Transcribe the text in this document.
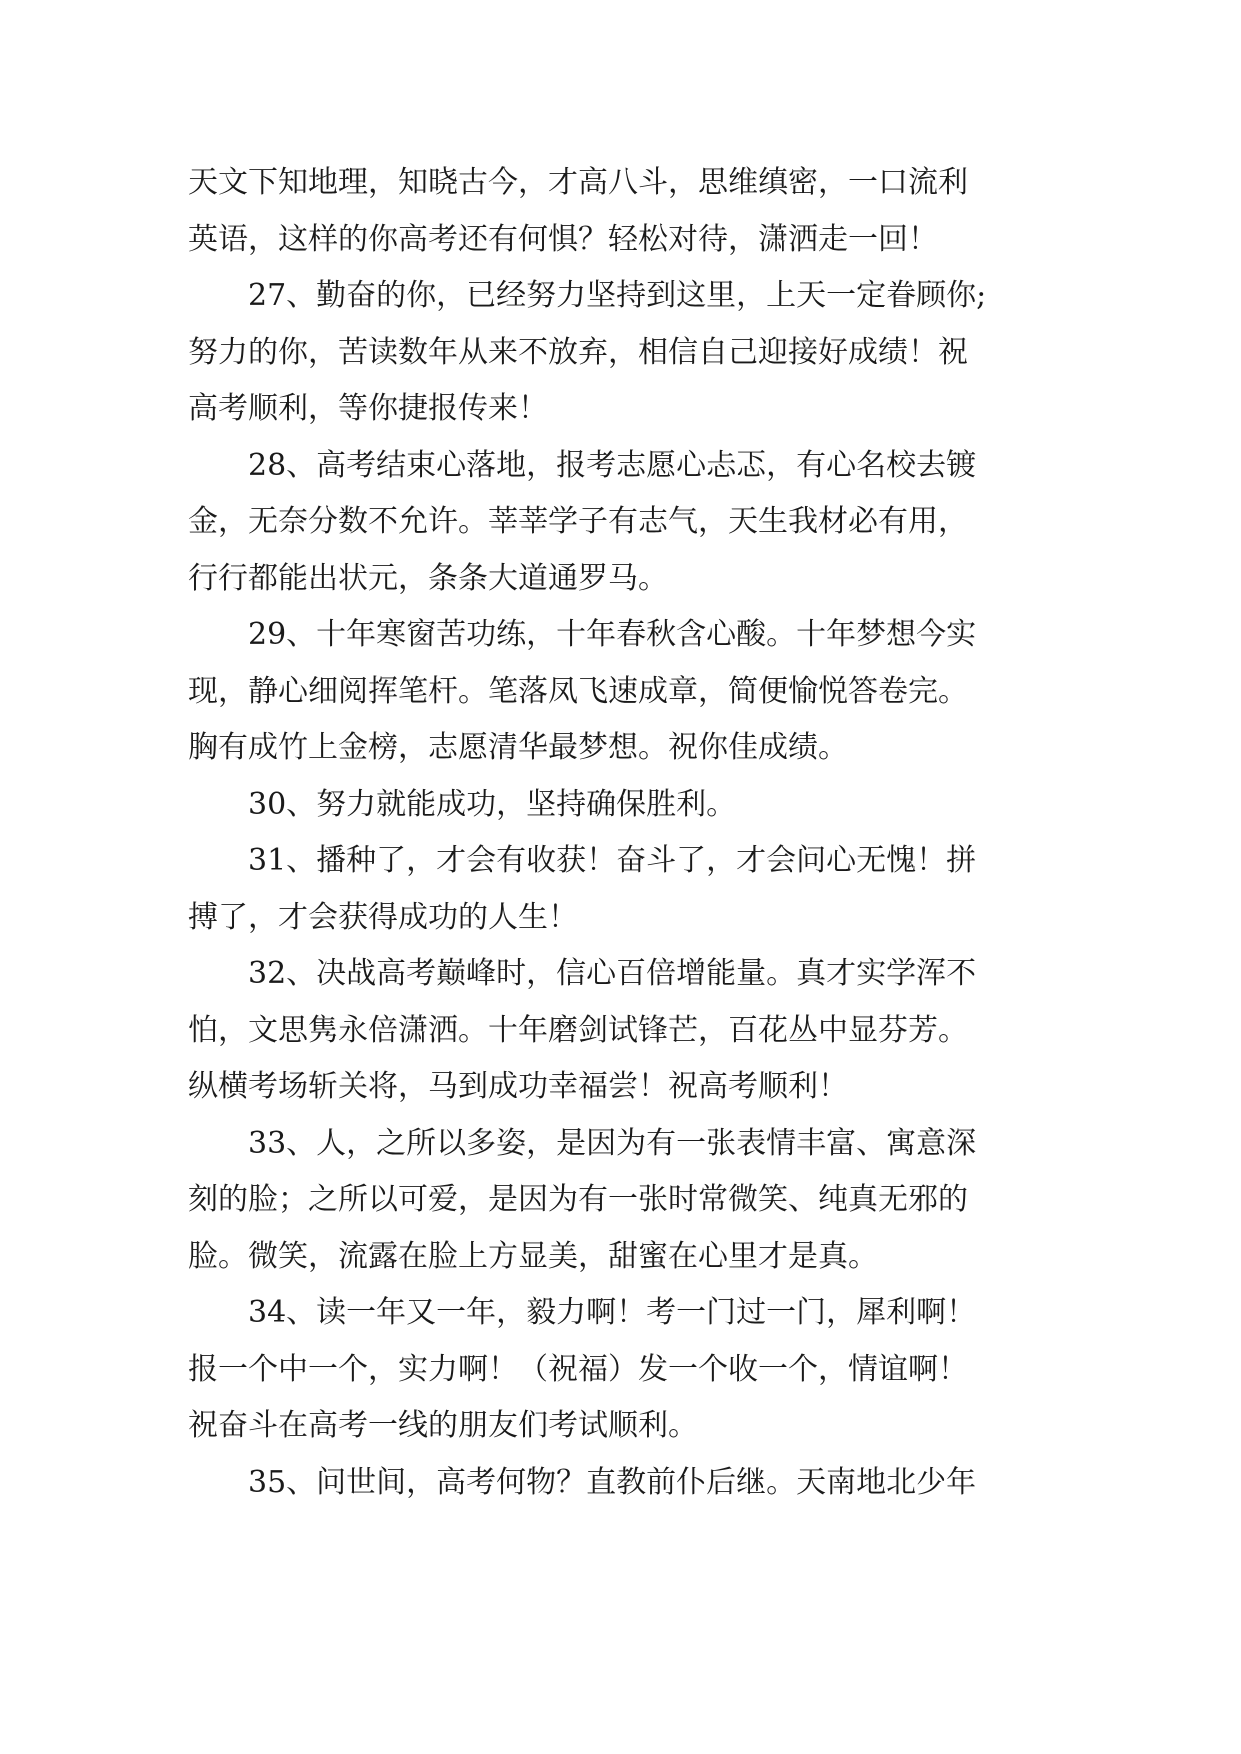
天文下知地理，知晓古今，才高八斗，思维缜密，一口流利
英语，这样的你高考还有何惧？轻松对待，潇洒走一回！
27、勤奋的你，已经努力坚持到这里，上天一定眷顾你;
努力的你，苦读数年从来不放弃，相信自己迎接好成绩！祝
高考顺利，等你捷报传来！
28、高考结束心落地，报考志愿心忐忑，有心名校去镀
金，无奈分数不允许。莘莘学子有志气，天生我材必有用，
行行都能出状元，条条大道通罗马。
29、十年寒窗苦功练，十年春秋含心酸。十年梦想今实
现，静心细阅挥笔杆。笔落凤飞速成章，简便愉悦答卷完。
胸有成竹上金榜，志愿清华最梦想。祝你佳成绩。
30、努力就能成功，坚持确保胜利。
31、播种了，才会有收获！奋斗了，才会问心无愧！拼
搏了，才会获得成功的人生！
32、决战高考巅峰时，信心百倍增能量。真才实学浑不
怕，文思隽永倍潇洒。十年磨剑试锋芒，百花丛中显芬芳。
纵横考场斩关将，马到成功幸福尝！祝高考顺利！
33、人，之所以多姿，是因为有一张表情丰富、寓意深
刻的脸；之所以可爱，是因为有一张时常微笑、纯真无邪的
脸。微笑，流露在脸上方显美，甜蜜在心里才是真。
34、读一年又一年，毅力啊！考一门过一门，犀利啊！
报一个中一个，实力啊！（祝福）发一个收一个，情谊啊！
祝奋斗在高考一线的朋友们考试顺利。
35、问世间，高考何物？直教前仆后继。天南地北少年
